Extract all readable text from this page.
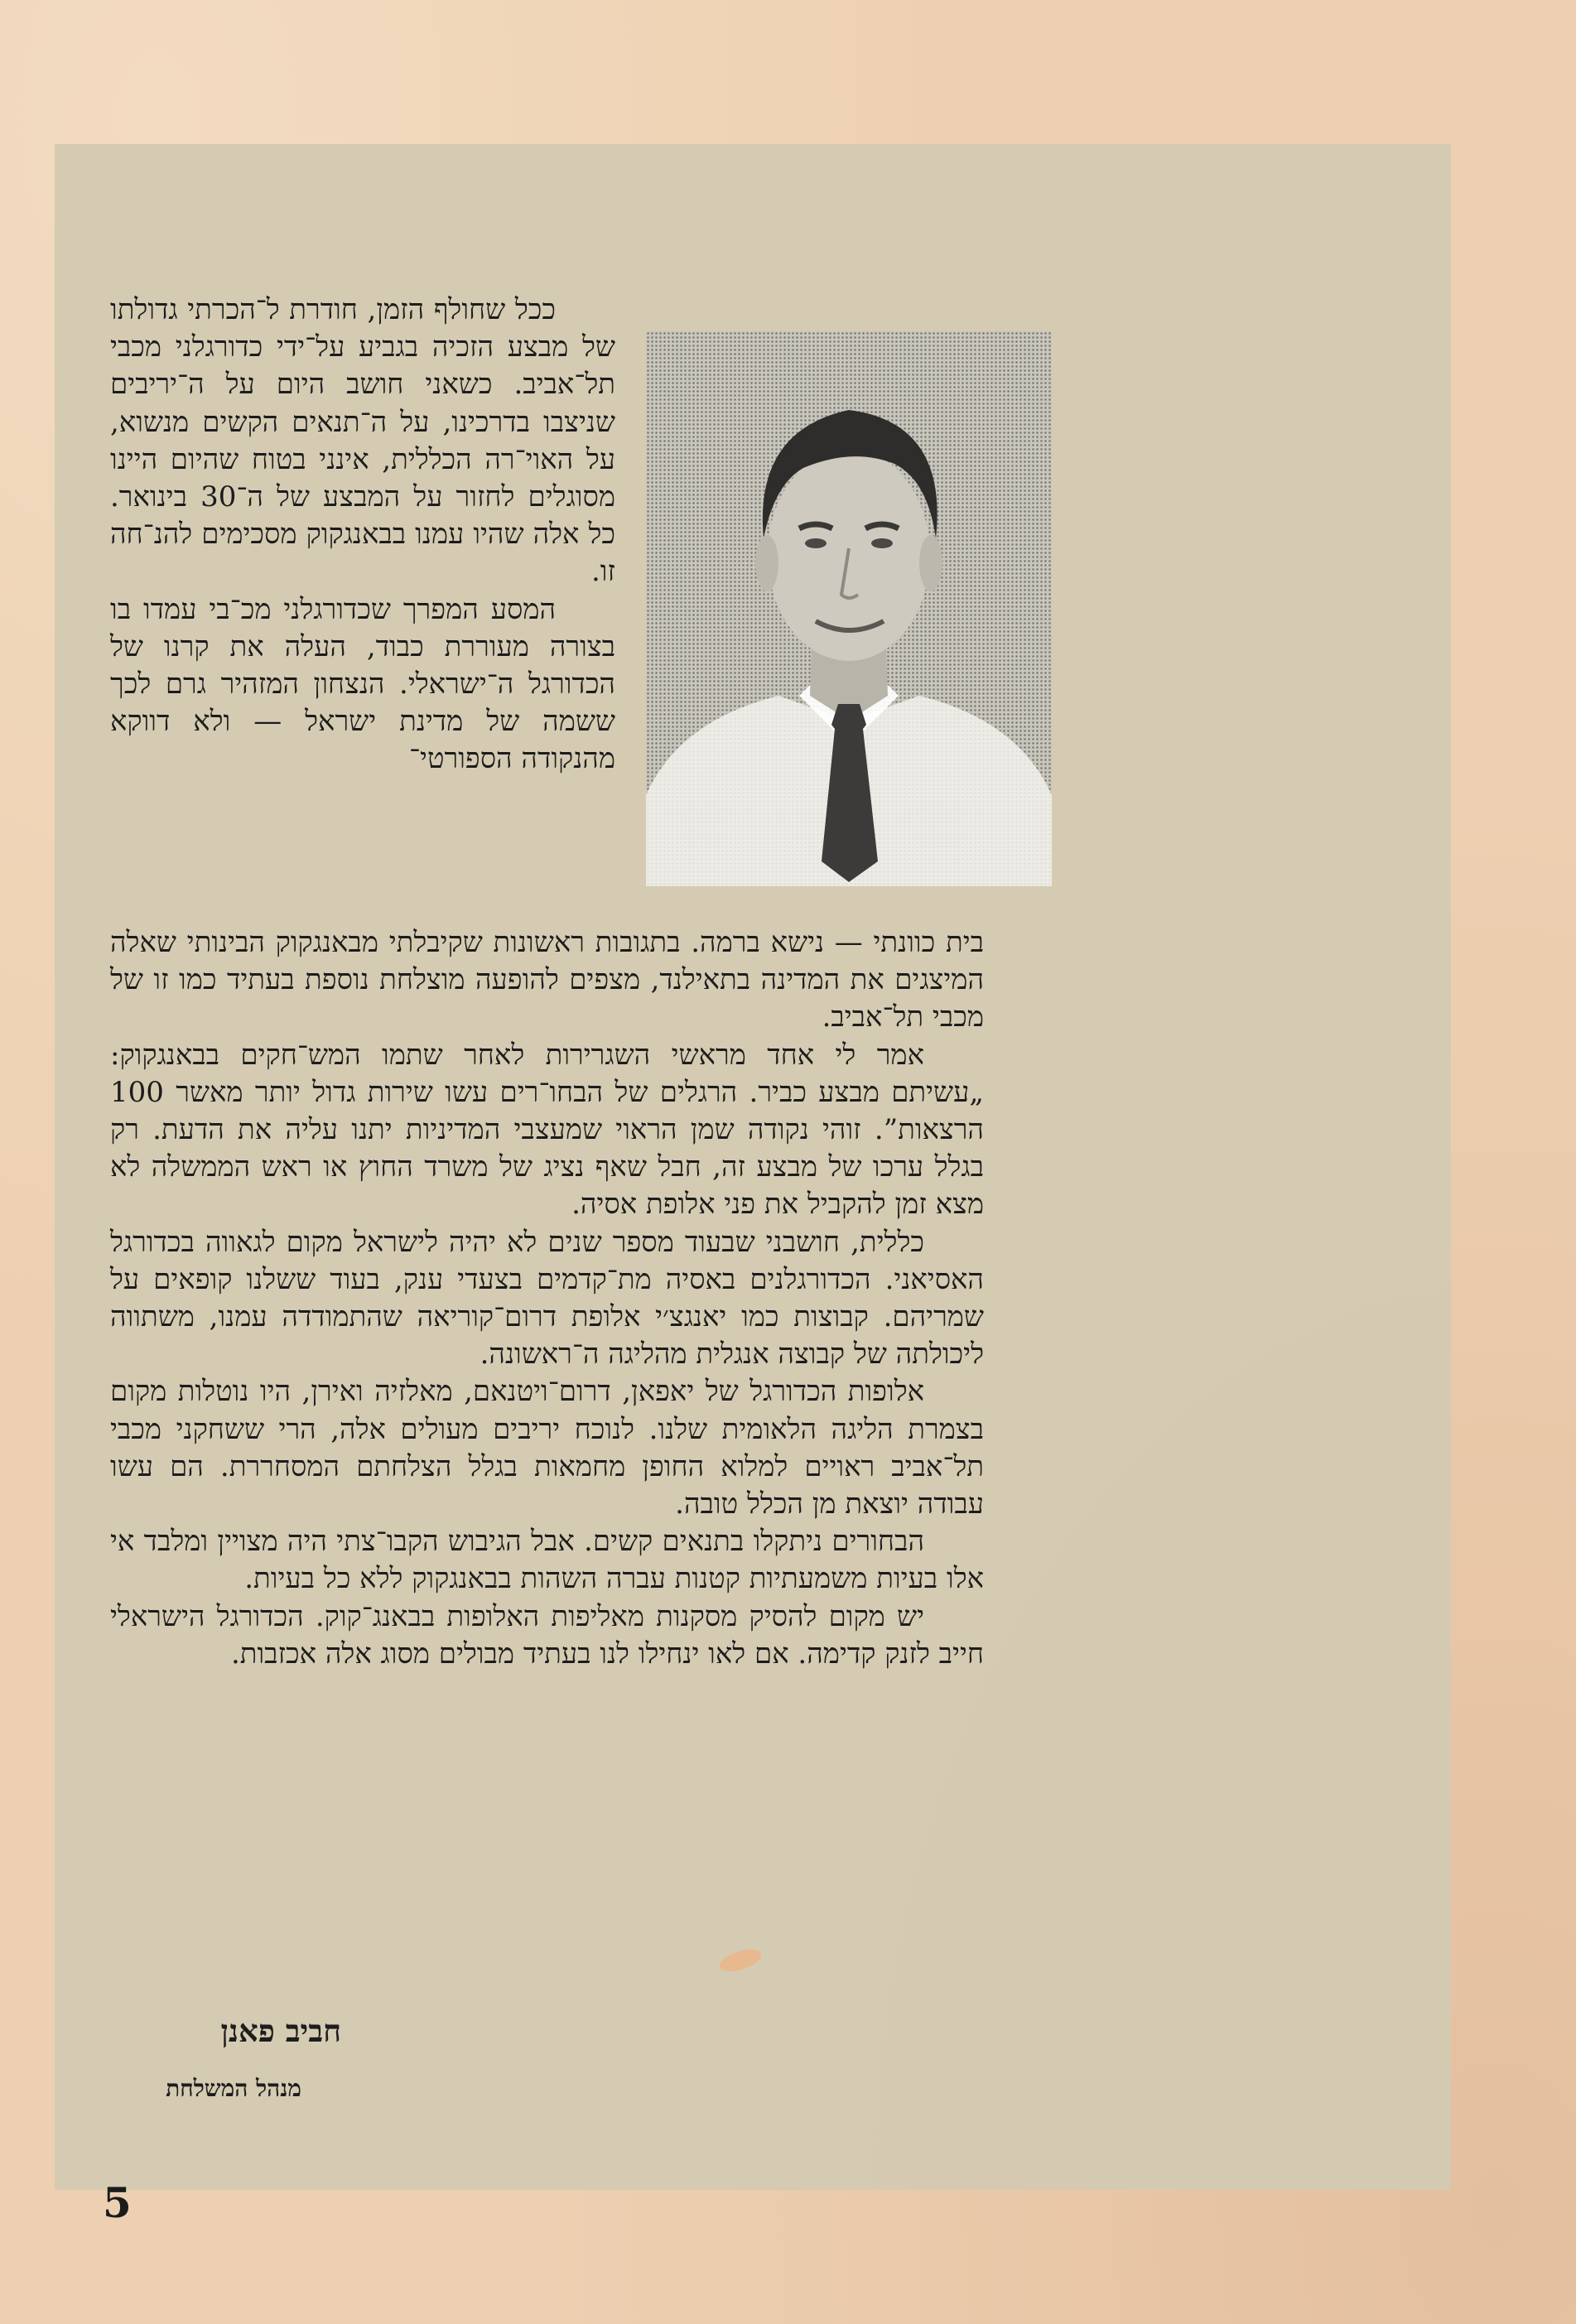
ככל שחולף הזמן, חודרת ל־הכרתי גדולתו של מבצע הזכיה בגביע על־ידי כדורגלני מכבי תל־אביב. כשאני חושב היום על ה־יריבים שניצבו בדרכינו, על ה־תנאים הקשים מנשוא, על האוי־רה הכללית, אינני בטוח שהיום היינו מסוגלים לחזור על המבצע של ה־30 בינואר. כל אלה שהיו עמנו בבאנגקוק מסכימים להנ־חה זו.

המסע המפרך שכדורגלני מכ־בי עמדו בו בצורה מעוררת כבוד, העלה את קרנו של הכדורגל ה־ישראלי. הנצחון המזהיר גרם לכך ששמה של מדינת ישראל — ולא דווקא מהנקודה הספורטי־

בית כוונתי — נישא ברמה. בתגובות ראשונות שקיבלתי מבאנגקוק הבינותי שאלה המיצגים את המדינה בתאילנד, מצפים להופעה מוצלחת נוספת בעתיד כמו זו של מכבי תל־אביב.

אמר לי אחד מראשי השגרירות לאחר שתמו המש־חקים בבאנגקוק: „עשיתם מבצע כביר. הרגלים של הבחו־רים עשו שירות גדול יותר מאשר 100 הרצאות”. זוהי נקודה שמן הראוי שמעצבי המדיניות יתנו עליה את הדעת. רק בגלל ערכו של מבצע זה, חבל שאף נציג של משרד החוץ או ראש הממשלה לא מצא זמן להקביל את פני אלופת אסיה.

כללית, חושבני שבעוד מספר שנים לא יהיה לישראל מקום לגאווה בכדורגל האסיאני. הכדורגלנים באסיה מת־קדמים בצעדי ענק, בעוד ששלנו קופאים על שמריהם. קבוצות כמו יאנגצ׳י אלופת דרום־קוריאה שהתמודדה עמנו, משתווה ליכולתה של קבוצה אנגלית מהליגה ה־ראשונה.

אלופות הכדורגל של יאפאן, דרום־ויטנאם, מאלזיה ואירן, היו נוטלות מקום בצמרת הליגה הלאומית שלנו. לנוכח יריבים מעולים אלה, הרי ששחקני מכבי תל־אביב ראויים למלוא החופן מחמאות בגלל הצלחתם המסחררת. הם עשו עבודה יוצאת מן הכלל טובה.

הבחורים ניתקלו בתנאים קשים. אבל הגיבוש הקבו־צתי היה מצויין ומלבד אי אלו בעיות משמעתיות קטנות עברה השהות בבאנגקוק ללא כל בעיות.

יש מקום להסיק מסקנות מאליפות האלופות בבאנג־קוק. הכדורגל הישראלי חייב לזנק קדימה. אם לאו ינחילו לנו בעתיד מבולים מסוג אלה אכזבות.

חביב פאנן
מנהל המשלחת
5
